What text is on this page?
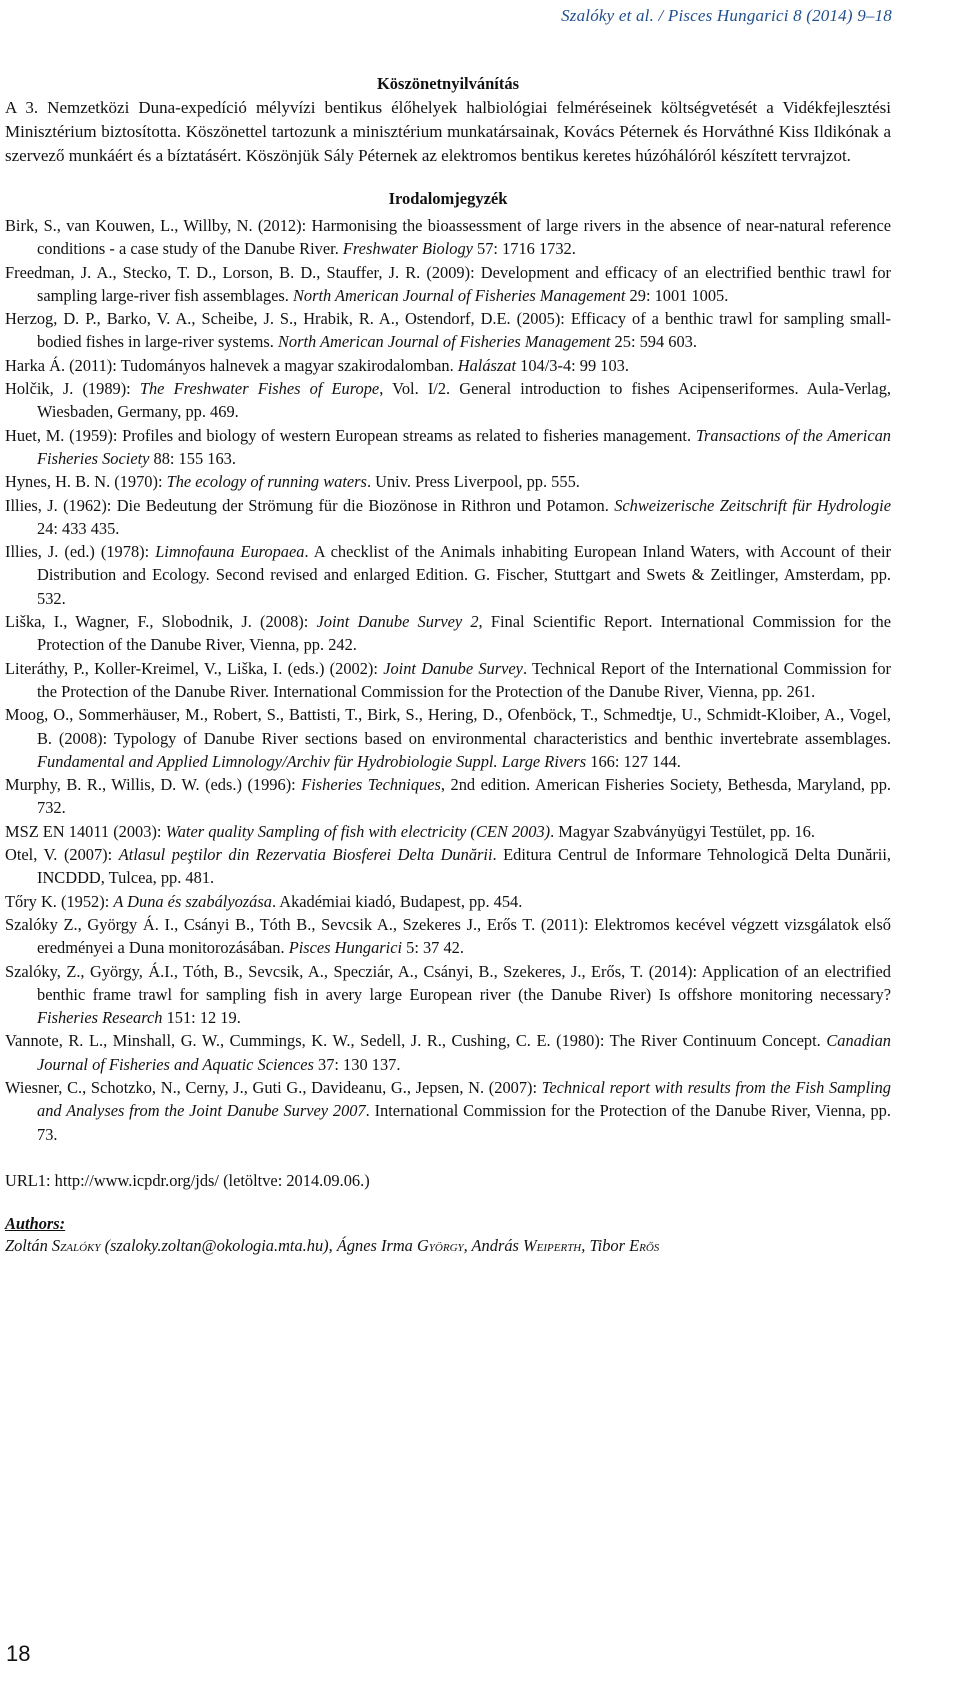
Szalóky et al. / Pisces Hungarici 8 (2014) 9–18
Köszönetnyilvánítás

A 3. Nemzetközi Duna-expedíció mélyvízi bentikus élőhelyek halbiológiai felméréseinek költségvetését a Vidékfejlesztési Minisztérium biztosította. Köszönettel tartozunk a minisztérium munkatársainak, Kovács Péternek és Horváthné Kiss Ildikónak a szervező munkáért és a bíztatásért. Köszönjük Sály Péternek az elektromos bentikus keretes húzóhálóról készített tervrajzot.

Irodalomjegyzék
Birk, S., van Kouwen, L., Willby, N. (2012): Harmonising the bioassessment of large rivers in the absence of near-natural reference conditions - a case study of the Danube River. Freshwater Biology 57: 1716 1732.
Freedman, J. A., Stecko, T. D., Lorson, B. D., Stauffer, J. R. (2009): Development and efficacy of an electrified benthic trawl for sampling large-river fish assemblages. North American Journal of Fisheries Management 29: 1001 1005.
Herzog, D. P., Barko, V. A., Scheibe, J. S., Hrabik, R. A., Ostendorf, D.E. (2005): Efficacy of a benthic trawl for sampling small-bodied fishes in large-river systems. North American Journal of Fisheries Management 25: 594 603.
Harka Á. (2011): Tudományos halnevek a magyar szakirodalomban. Halászat 104/3-4: 99 103.
Holčik, J. (1989): The Freshwater Fishes of Europe, Vol. I/2. General introduction to fishes Acipenseriformes. Aula-Verlag, Wiesbaden, Germany, pp. 469.
Huet, M. (1959): Profiles and biology of western European streams as related to fisheries management. Transactions of the American Fisheries Society 88: 155 163.
Hynes, H. B. N. (1970): The ecology of running waters. Univ. Press Liverpool, pp. 555.
Illies, J. (1962): Die Bedeutung der Strömung für die Biozönose in Rithron und Potamon. Schweizerische Zeitschrift für Hydrologie 24: 433 435.
Illies, J. (ed.) (1978): Limnofauna Europaea. A checklist of the Animals inhabiting European Inland Waters, with Account of their Distribution and Ecology. Second revised and enlarged Edition. G. Fischer, Stuttgart and Swets & Zeitlinger, Amsterdam, pp. 532.
Liška, I., Wagner, F., Slobodnik, J. (2008): Joint Danube Survey 2, Final Scientific Report. International Commission for the Protection of the Danube River, Vienna, pp. 242.
Literáthy, P., Koller-Kreimel, V., Liška, I. (eds.) (2002): Joint Danube Survey. Technical Report of the International Commission for the Protection of the Danube River. International Commission for the Protection of the Danube River, Vienna, pp. 261.
Moog, O., Sommerhäuser, M., Robert, S., Battisti, T., Birk, S., Hering, D., Ofenböck, T., Schmedtje, U., Schmidt-Kloiber, A., Vogel, B. (2008): Typology of Danube River sections based on environmental characteristics and benthic invertebrate assemblages. Fundamental and Applied Limnology/Archiv für Hydrobiologie Suppl. Large Rivers 166: 127 144.
Murphy, B. R., Willis, D. W. (eds.) (1996): Fisheries Techniques, 2nd edition. American Fisheries Society, Bethesda, Maryland, pp. 732.
MSZ EN 14011 (2003): Water quality Sampling of fish with electricity (CEN 2003). Magyar Szabványügyi Testület, pp. 16.
Otel, V. (2007): Atlasul peştilor din Rezervatia Biosferei Delta Dunării. Editura Centrul de Informare Tehnologică Delta Dunării, INCDDD, Tulcea, pp. 481.
Tőry K. (1952): A Duna és szabályozása. Akadémiai kiadó, Budapest, pp. 454.
Szalóky Z., György Á. I., Csányi B., Tóth B., Sevcsik A., Szekeres J., Erős T. (2011): Elektromos kecével végzett vizsgálatok első eredményei a Duna monitorozásában. Pisces Hungarici 5: 37 42.
Szalóky, Z., György, Á.I., Tóth, B., Sevcsik, A., Specziár, A., Csányi, B., Szekeres, J., Erős, T. (2014): Application of an electrified benthic frame trawl for sampling fish in avery large European river (the Danube River) Is offshore monitoring necessary? Fisheries Research 151: 12 19.
Vannote, R. L., Minshall, G. W., Cummings, K. W., Sedell, J. R., Cushing, C. E. (1980): The River Continuum Concept. Canadian Journal of Fisheries and Aquatic Sciences 37: 130 137.
Wiesner, C., Schotzko, N., Cerny, J., Guti G., Davideanu, G., Jepsen, N. (2007): Technical report with results from the Fish Sampling and Analyses from the Joint Danube Survey 2007. International Commission for the Protection of the Danube River, Vienna, pp. 73.

URL1: http://www.icpdr.org/jds/ (letöltve: 2014.09.06.)

Authors:

Zoltán Szalóky (szaloky.zoltan@okologia.mta.hu), Ágnes Irma György, András Weiperth, Tibor Erős

18
